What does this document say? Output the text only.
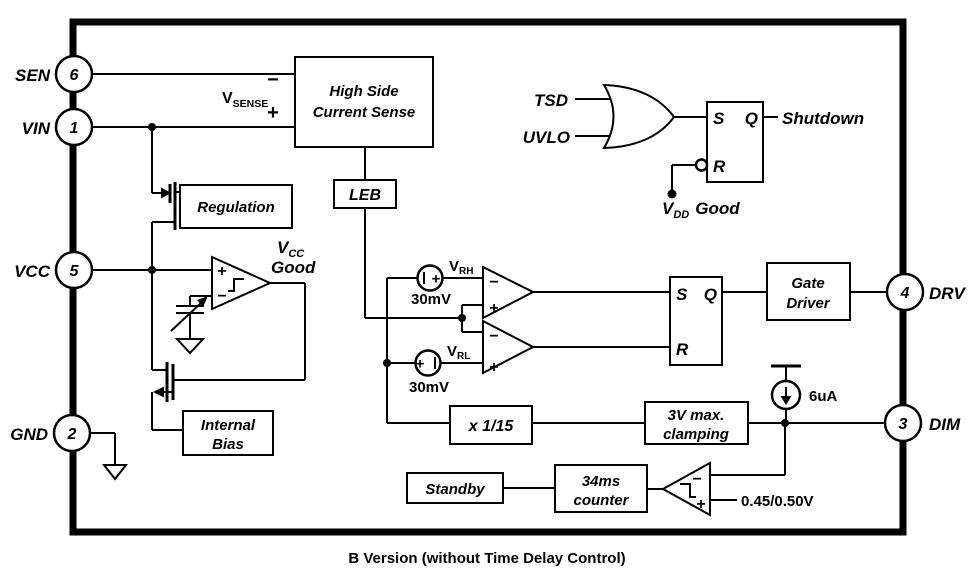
+
−
$V_{CC}$
Good
High Side
Current Sense
−
+
$V_{SENSE}$
LEB
Regulation
Internal
Bias
+
$V_{RH}$
30mV
+
$V_{RL}$
30mV
−
+
−
+
S Q
R
Gate
Driver
x 1/15
3V max.
clamping
6uA
−
+ 0.45/0.50V
34ms
counter
Standby
TSD
UVLO
S Q
R
Shutdown
$V_{DD}$ Good
6
SEN
1
VIN
5
VCC
2
GND
4 DRV
3 DIM
B Version (without Time Delay Control)
